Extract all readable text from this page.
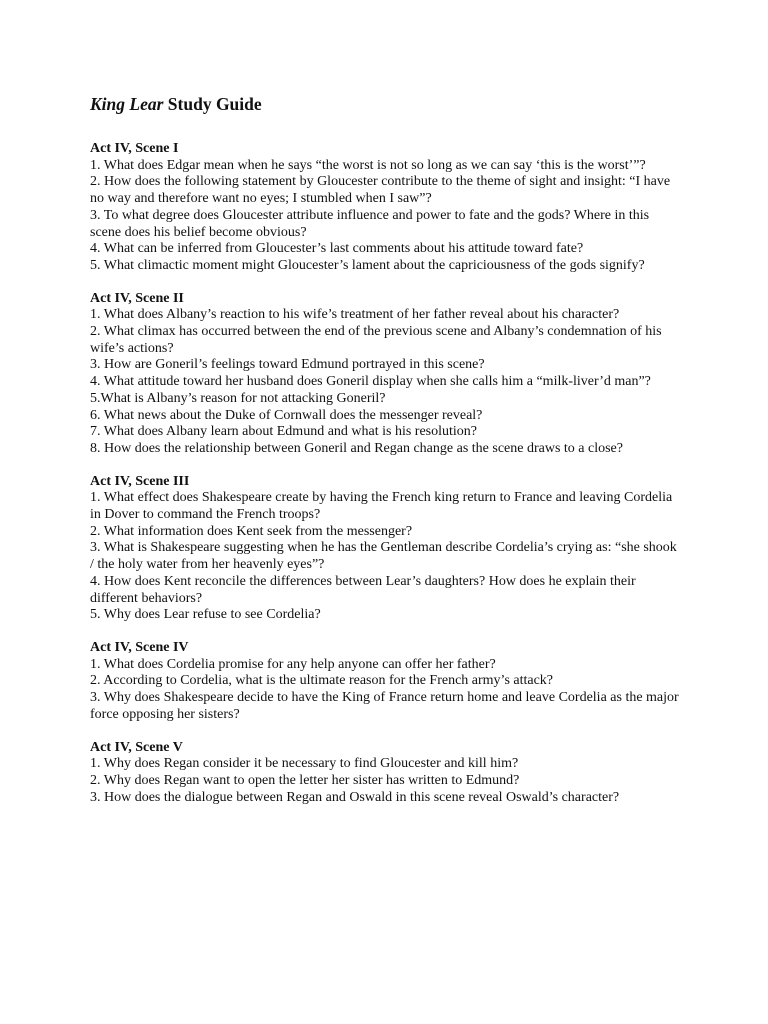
King Lear Study Guide

Act IV, Scene I

1. What does Edgar mean when he says “the worst is not so long as we can say ‘this is the worst’”?

2. How does the following statement by Gloucester contribute to the theme of sight and insight: “I have no way and therefore want no eyes; I stumbled when I saw”?

3. To what degree does Gloucester attribute influence and power to fate and the gods? Where in this scene does his belief become obvious?

4. What can be inferred from Gloucester’s last comments about his attitude toward fate?

5. What climactic moment might Gloucester’s lament about the capriciousness of the gods signify?

Act IV, Scene II

1. What does Albany’s reaction to his wife’s treatment of her father reveal about his character?

2. What climax has occurred between the end of the previous scene and Albany’s condemnation of his wife’s actions?

3. How are Goneril’s feelings toward Edmund portrayed in this scene?

4. What attitude toward her husband does Goneril display when she calls him a “milk-liver’d man”?

5.What is Albany’s reason for not attacking Goneril?

6. What news about the Duke of Cornwall does the messenger reveal?

7. What does Albany learn about Edmund and what is his resolution?

8. How does the relationship between Goneril and Regan change as the scene draws to a close?

Act IV, Scene III

1. What effect does Shakespeare create by having the French king return to France and leaving Cordelia in Dover to command the French troops?

2. What information does Kent seek from the messenger?

3. What is Shakespeare suggesting when he has the Gentleman describe Cordelia’s crying as: “she shook / the holy water from her heavenly eyes”?

4. How does Kent reconcile the differences between Lear’s daughters? How does he explain their different behaviors?

5. Why does Lear refuse to see Cordelia?

Act IV, Scene IV

1. What does Cordelia promise for any help anyone can offer her father?

2. According to Cordelia, what is the ultimate reason for the French army’s attack?

3. Why does Shakespeare decide to have the King of France return home and leave Cordelia as the major force opposing her sisters?

Act IV, Scene V

1. Why does Regan consider it be necessary to find Gloucester and kill him?

2. Why does Regan want to open the letter her sister has written to Edmund?

3. How does the dialogue between Regan and Oswald in this scene reveal Oswald’s character?
